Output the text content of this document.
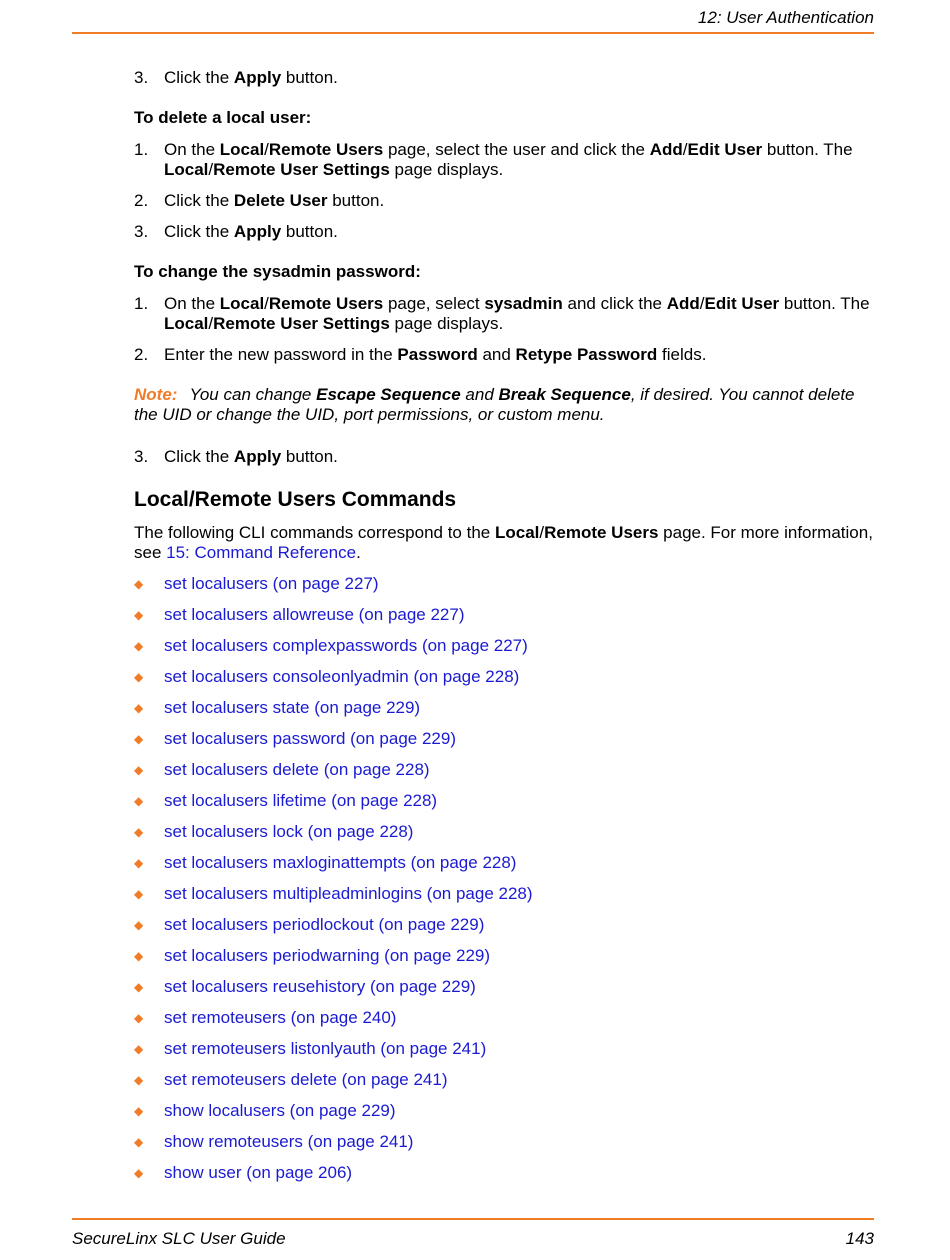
12: User Authentication
3. Click the Apply button.
To delete a local user:
1. On the Local/Remote Users page, select the user and click the Add/Edit User button. The Local/Remote User Settings page displays.
2. Click the Delete User button.
3. Click the Apply button.
To change the sysadmin password:
1. On the Local/Remote Users page, select sysadmin and click the Add/Edit User button. The Local/Remote User Settings page displays.
2. Enter the new password in the Password and Retype Password fields.
Note: You can change Escape Sequence and Break Sequence, if desired. You cannot delete the UID or change the UID, port permissions, or custom menu.
3. Click the Apply button.
Local/Remote Users Commands
The following CLI commands correspond to the Local/Remote Users page. For more information, see 15: Command Reference.
◆	set localusers (on page 227)
◆	set localusers allowreuse (on page 227)
◆	set localusers complexpasswords (on page 227)
◆	set localusers consoleonlyadmin (on page 228)
◆	set localusers state (on page 229)
◆	set localusers password (on page 229)
◆	set localusers delete (on page 228)
◆	set localusers lifetime (on page 228)
◆	set localusers lock (on page 228)
◆	set localusers maxloginattempts (on page 228)
◆	set localusers multipleadminlogins (on page 228)
◆	set localusers periodlockout (on page 229)
◆	set localusers periodwarning (on page 229)
◆	set localusers reusehistory (on page 229)
◆	set remoteusers (on page 240)
◆	set remoteusers listonlyauth (on page 241)
◆	set remoteusers delete (on page 241)
◆	show localusers (on page 229)
◆	show remoteusers (on page 241)
◆	show user (on page 206)
SecureLinx SLC User Guide	143
